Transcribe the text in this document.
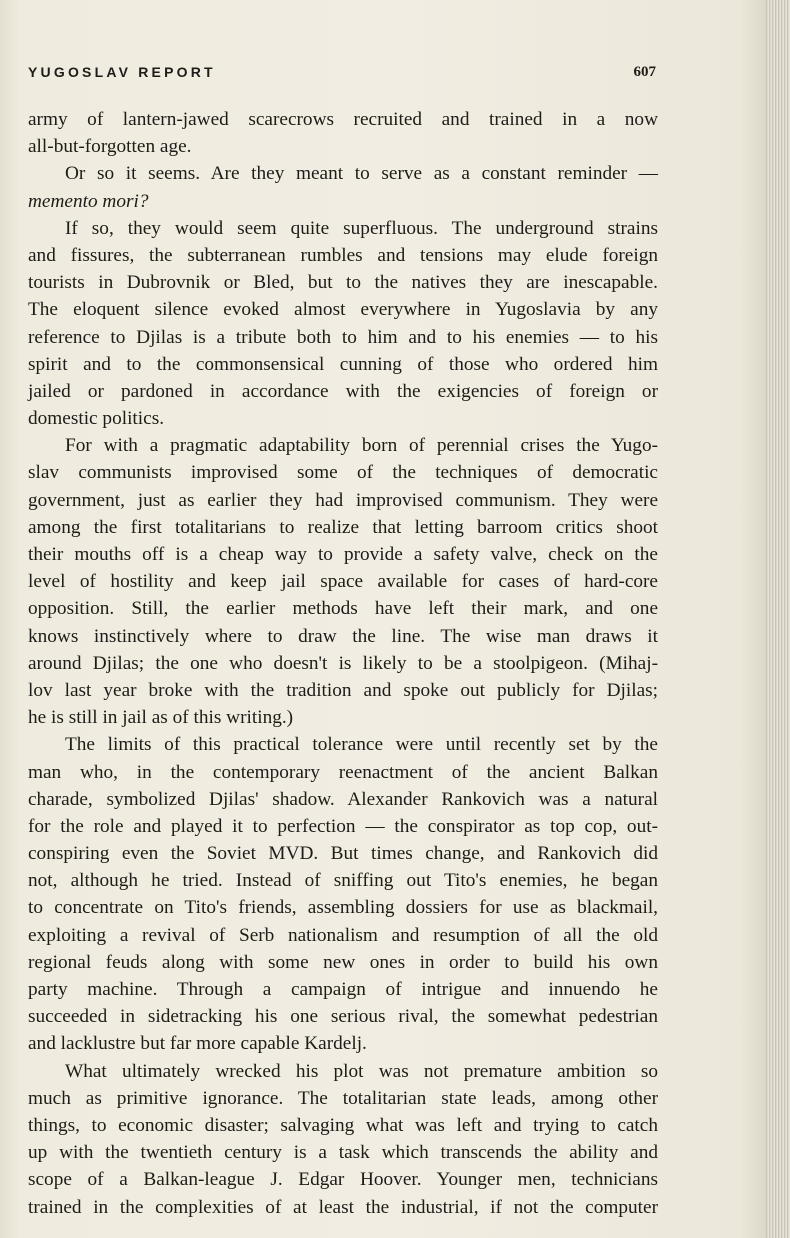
YUGOSLAV REPORT	607
army of lantern-jawed scarecrows recruited and trained in a now
all-but-forgotten age.
Or so it seems. Are they meant to serve as a constant reminder —
memento mori?
If so, they would seem quite superfluous. The underground strains
and fissures, the subterranean rumbles and tensions may elude foreign
tourists in Dubrovnik or Bled, but to the natives they are inescapable.
The eloquent silence evoked almost everywhere in Yugoslavia by any
reference to Djilas is a tribute both to him and to his enemies — to his
spirit and to the commonsensical cunning of those who ordered him
jailed or pardoned in accordance with the exigencies of foreign or
domestic politics.
For with a pragmatic adaptability born of perennial crises the Yugo-
slav communists improvised some of the techniques of democratic
government, just as earlier they had improvised communism. They were
among the first totalitarians to realize that letting barroom critics shoot
their mouths off is a cheap way to provide a safety valve, check on the
level of hostility and keep jail space available for cases of hard-core
opposition. Still, the earlier methods have left their mark, and one
knows instinctively where to draw the line. The wise man draws it
around Djilas; the one who doesn't is likely to be a stoolpigeon. (Mihaj-
lov last year broke with the tradition and spoke out publicly for Djilas;
he is still in jail as of this writing.)
The limits of this practical tolerance were until recently set by the
man who, in the contemporary reenactment of the ancient Balkan
charade, symbolized Djilas' shadow. Alexander Rankovich was a natural
for the role and played it to perfection — the conspirator as top cop, out-
conspiring even the Soviet MVD. But times change, and Rankovich did
not, although he tried. Instead of sniffing out Tito's enemies, he began
to concentrate on Tito's friends, assembling dossiers for use as blackmail,
exploiting a revival of Serb nationalism and resumption of all the old
regional feuds along with some new ones in order to build his own
party machine. Through a campaign of intrigue and innuendo he
succeeded in sidetracking his one serious rival, the somewhat pedestrian
and lacklustre but far more capable Kardelj.
What ultimately wrecked his plot was not premature ambition so
much as primitive ignorance. The totalitarian state leads, among other
things, to economic disaster; salvaging what was left and trying to catch
up with the twentieth century is a task which transcends the ability and
scope of a Balkan-league J. Edgar Hoover. Younger men, technicians
trained in the complexities of at least the industrial, if not the computer
